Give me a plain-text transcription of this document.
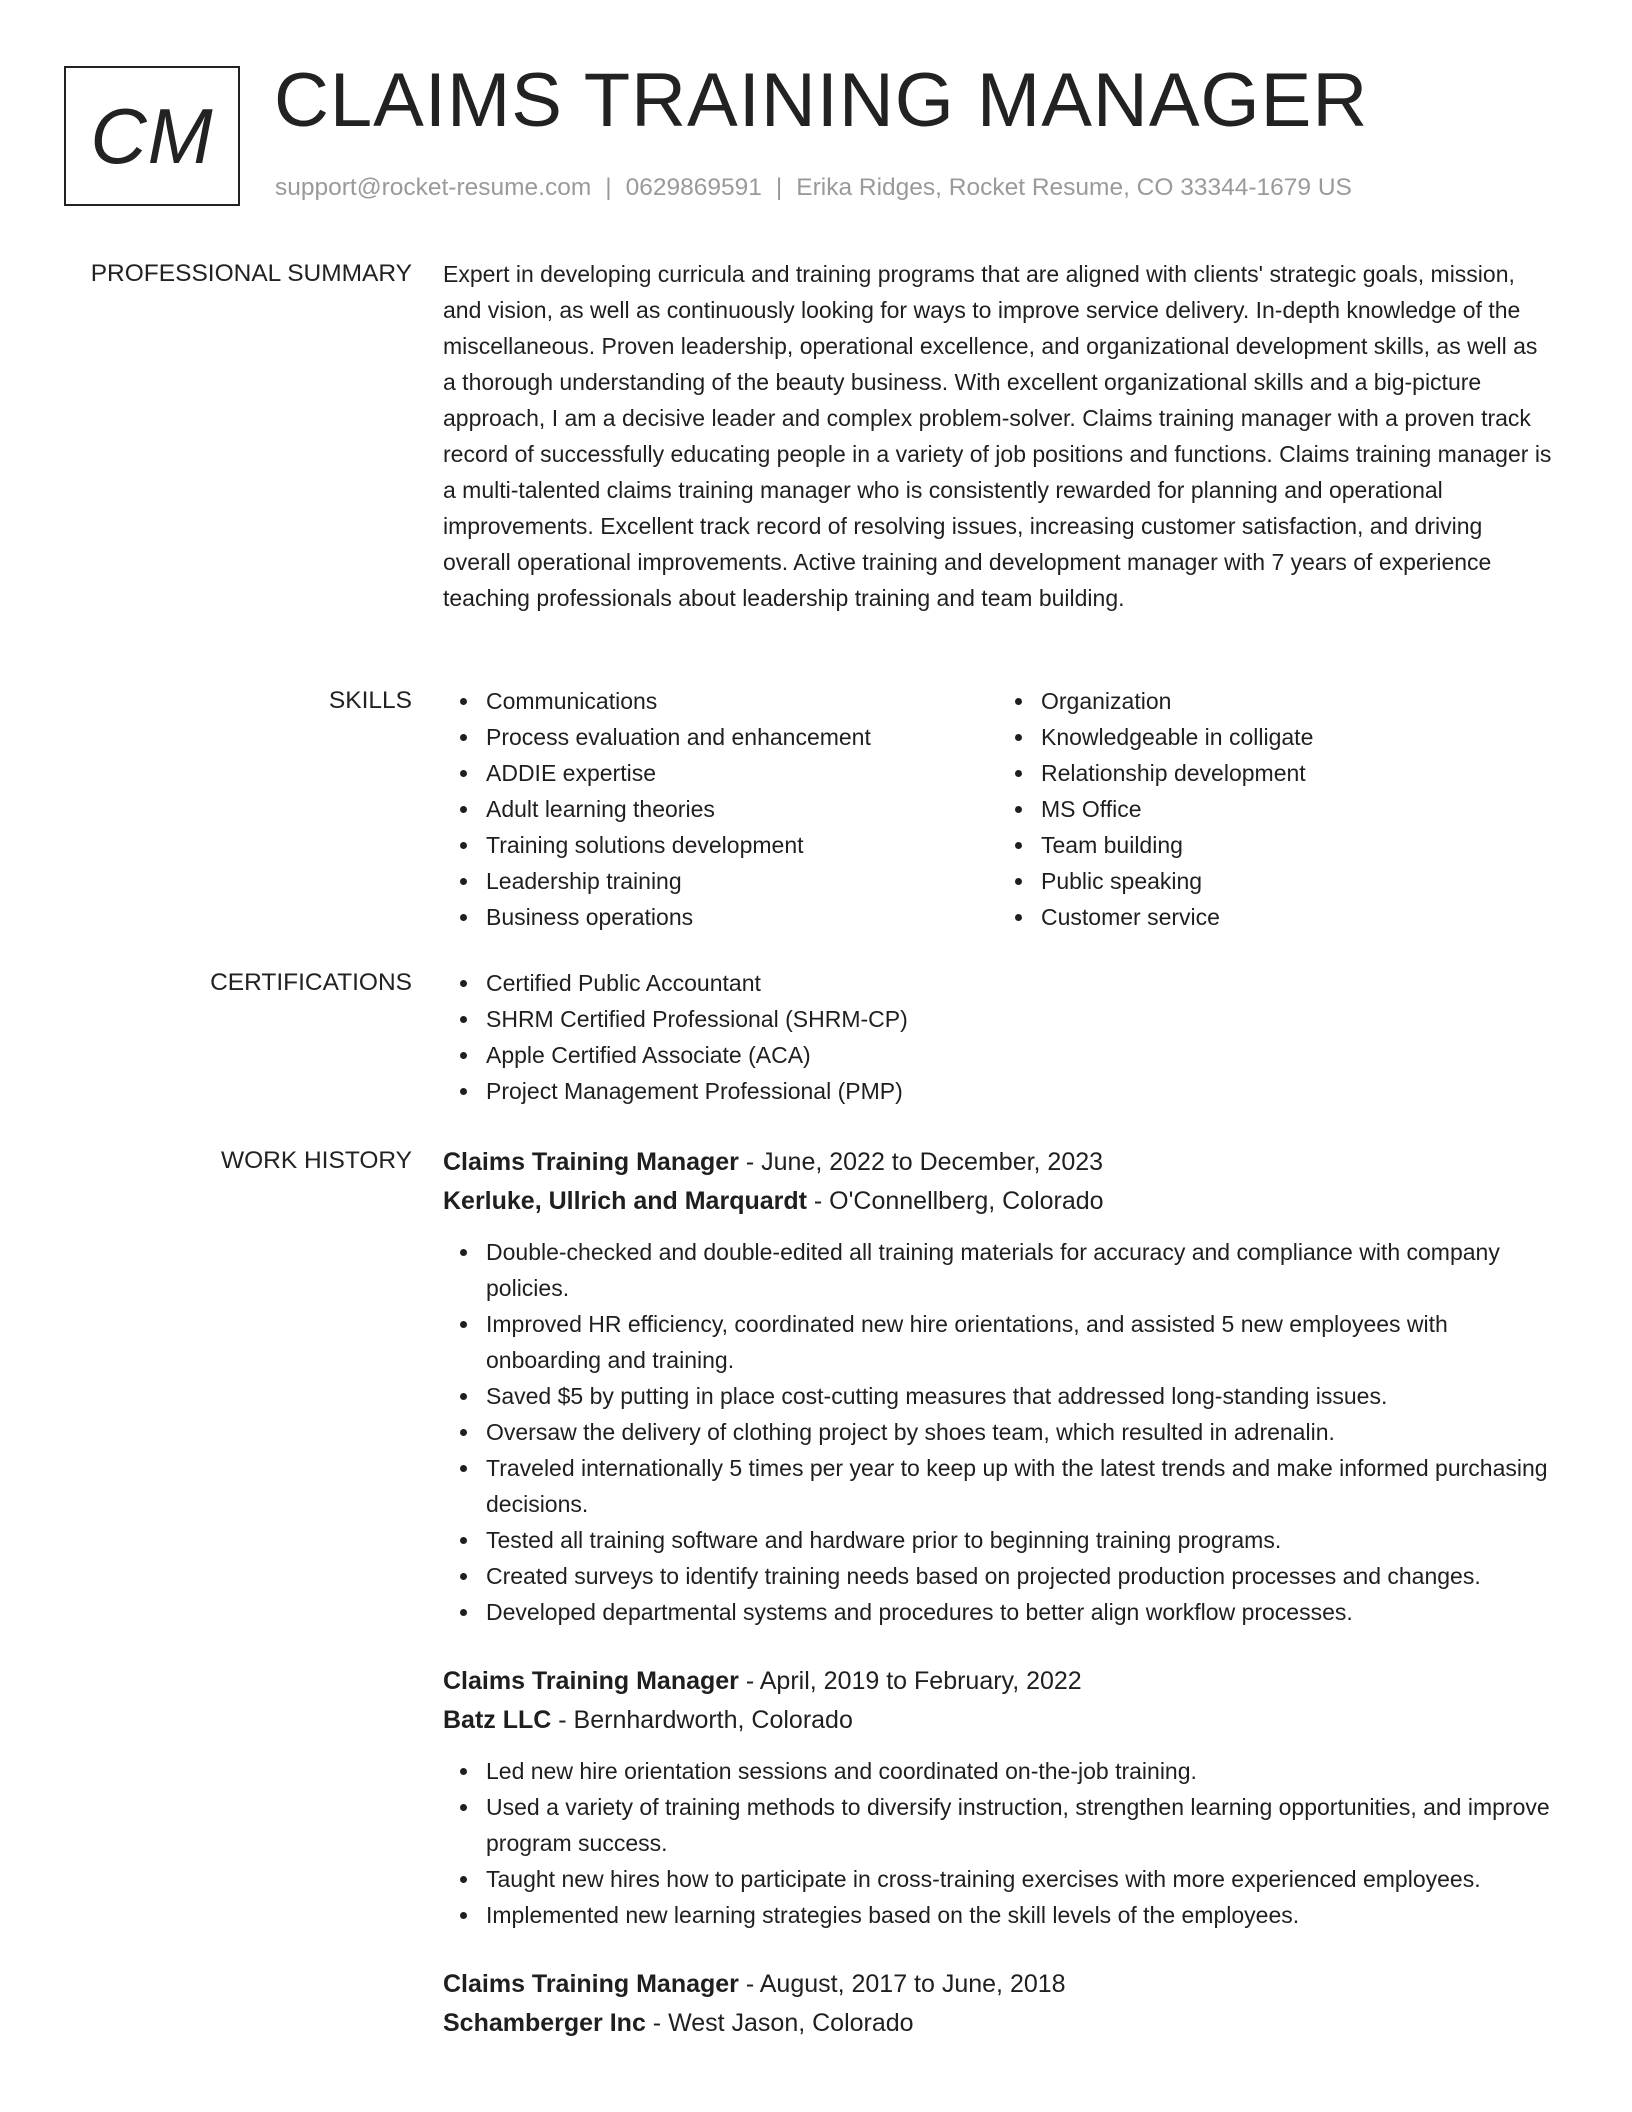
CM CLAIMS TRAINING MANAGER
support@rocket-resume.com | 0629869591 | Erika Ridges, Rocket Resume, CO 33344-1679 US
PROFESSIONAL SUMMARY Expert in developing curricula and training programs that are aligned with clients' strategic goals, mission, and vision, as well as continuously looking for ways to improve service delivery. In-depth knowledge of the miscellaneous. Proven leadership, operational excellence, and organizational development skills, as well as a thorough understanding of the beauty business. With excellent organizational skills and a big-picture approach, I am a decisive leader and complex problem-solver. Claims training manager with a proven track record of successfully educating people in a variety of job positions and functions. Claims training manager is a multi-talented claims training manager who is consistently rewarded for planning and operational improvements. Excellent track record of resolving issues, increasing customer satisfaction, and driving overall operational improvements. Active training and development manager with 7 years of experience teaching professionals about leadership training and team building.

SKILLS	Communications
Process evaluation and enhancement
ADDIE expertise
Adult learning theories
Training solutions development
Leadership training
Business operations
Organization
Knowledgeable in colligate
Relationship development
MS Office
Team building
Public speaking
Customer service
CERTIFICATIONS	Certified Public Accountant
SHRM Certified Professional (SHRM-CP)
Apple Certified Associate (ACA)
Project Management Professional (PMP)
WORK HISTORY Claims Training Manager - June, 2022 to December, 2023
Kerluke, Ullrich and Marquardt - O'Connellberg, Colorado
Double-checked and double-edited all training materials for accuracy and compliance with company policies.
Improved HR efficiency, coordinated new hire orientations, and assisted 5 new employees with onboarding and training.
Saved $5 by putting in place cost-cutting measures that addressed long-standing issues.
Oversaw the delivery of clothing project by shoes team, which resulted in adrenalin.
Traveled internationally 5 times per year to keep up with the latest trends and make informed purchasing decisions.
Tested all training software and hardware prior to beginning training programs.
Created surveys to identify training needs based on projected production processes and changes.
Developed departmental systems and procedures to better align workflow processes.
Claims Training Manager - April, 2019 to February, 2022
Batz LLC - Bernhardworth, Colorado
Led new hire orientation sessions and coordinated on-the-job training.
Used a variety of training methods to diversify instruction, strengthen learning opportunities, and improve program success.
Taught new hires how to participate in cross-training exercises with more experienced employees.
Implemented new learning strategies based on the skill levels of the employees.
Claims Training Manager - August, 2017 to June, 2018
Schamberger Inc - West Jason, Colorado
